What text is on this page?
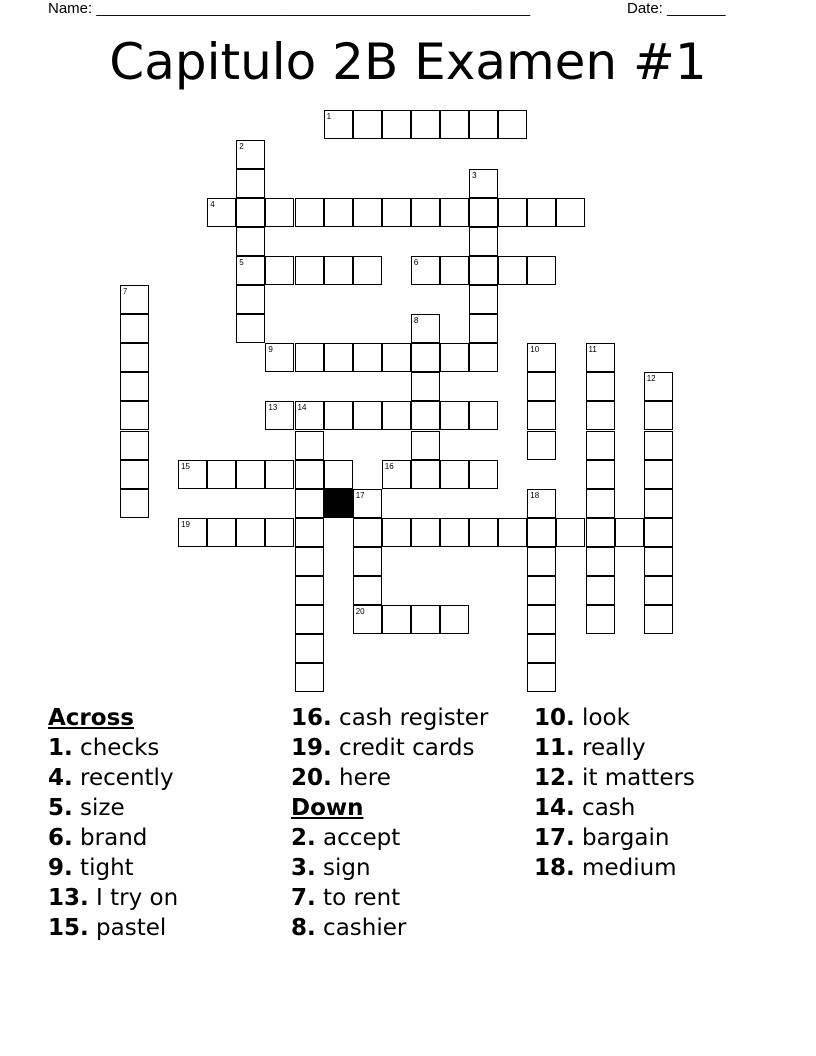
Name: ____________________________________________________	Date: _______
Capitulo 2B Examen #1
1
2
3
4
5	6
7
8
9	10	11
12
13	14
15	16
17	18
19
20
Across
1. checks
4. recently
5. size
6. brand
9. tight
13. I try on
15. pastel
16. cash register
19. credit cards
20. here
Down
2. accept
3. sign
7. to rent
8. cashier
10. look
11. really
12. it matters
14. cash
17. bargain
18. medium
